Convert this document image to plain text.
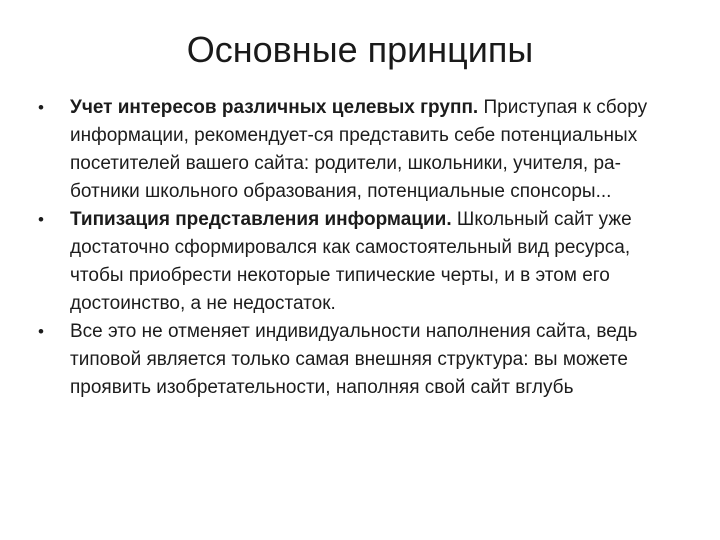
Основные принципы
• Учет интересов различных целевых групп. Приступая к сбору информации, рекомендует-ся представить себе потенциальных посетителей вашего сайта: родители, школьники, учителя, ра-ботники школьного образования, потенциальные спонсоры...
• Типизация представления информации. Школьный сайт уже достаточно сформировался как самостоятельный вид ресурса, чтобы приобрести некоторые типические черты, и в этом его достоинство, а не недостаток.
• Все это не отменяет индивидуальности наполнения сайта, ведь типовой является только самая внешняя структура: вы можете проявить изобретательности, наполняя свой сайт вглубь
